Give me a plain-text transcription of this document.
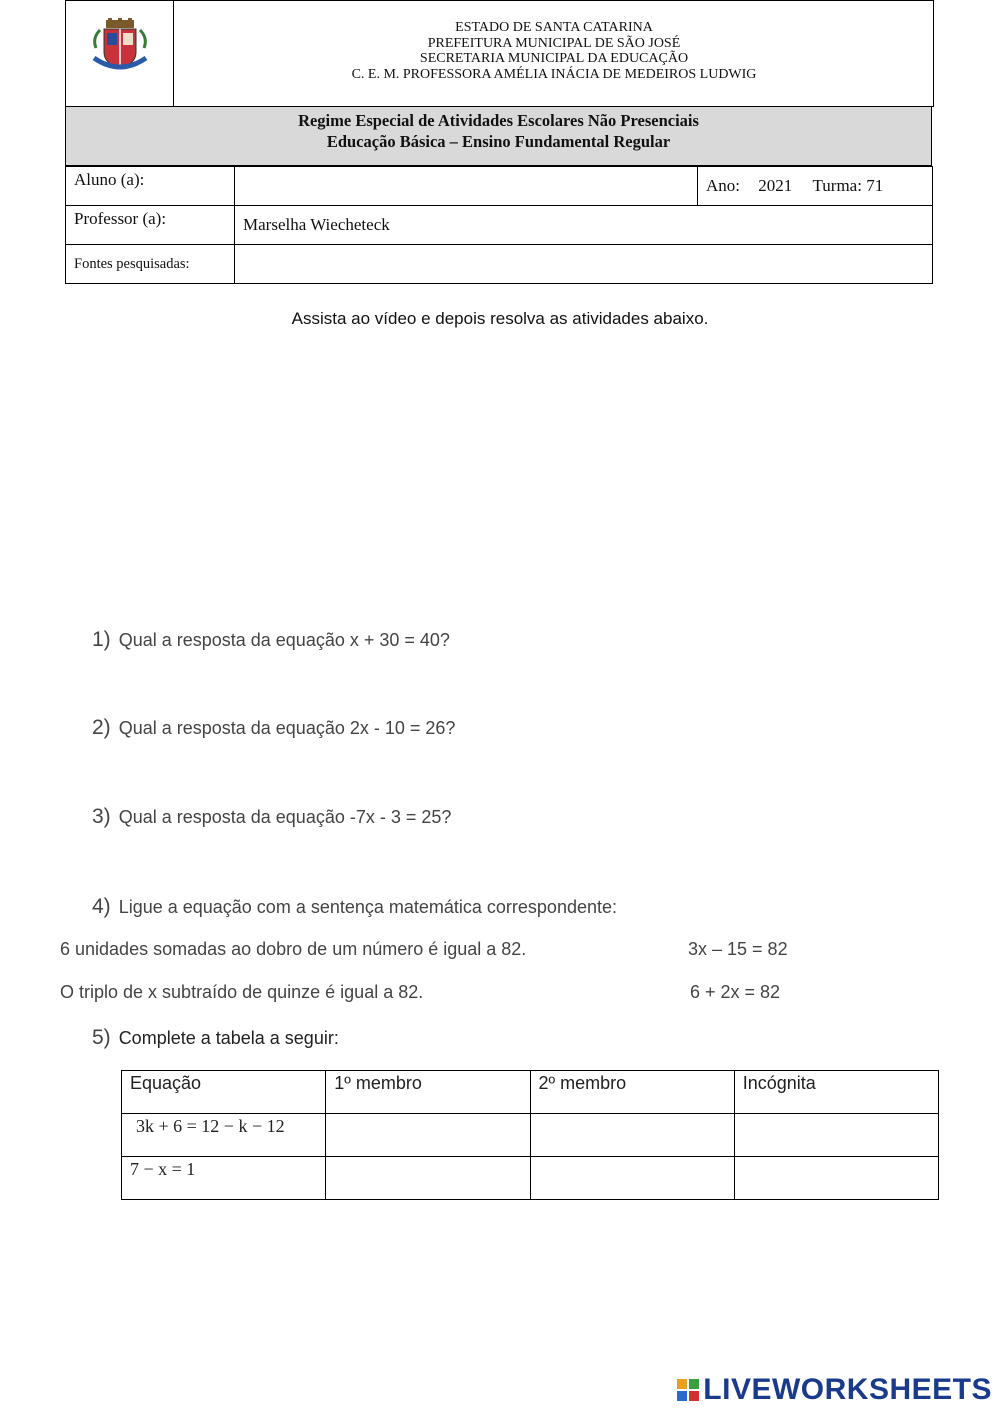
ESTADO DE SANTA CATARINA
PREFEITURA MUNICIPAL DE SÃO JOSÉ
SECRETARIA MUNICIPAL DA EDUCAÇÃO
C. E. M. PROFESSORA AMÉLIA INÁCIA DE MEDEIROS LUDWIG
Regime Especial de Atividades Escolares Não Presenciais
Educação Básica – Ensino Fundamental Regular
Aluno (a):		Ano: 2021 Turma: 71
Professor (a):	Marselha Wiecheteck	
Fontes pesquisadas:		
Assista ao vídeo e depois resolva as atividades abaixo.
1) Qual a resposta da equação x + 30 = 40?
2) Qual a resposta da equação 2x - 10 = 26?
3) Qual a resposta da equação -7x - 3 = 25?
4) Ligue a equação com a sentença matemática correspondente:
6 unidades somadas ao dobro de um número é igual a 82.	3x – 15 = 82
O triplo de x subtraído de quinze é igual a 82.	6 + 2x = 82
5) Complete a tabela a seguir:
Equação	1º membro	2º membro	Incógnita
3k + 6 = 12 − k − 12			
7 − x = 1			
LIVEWORKSHEETS
